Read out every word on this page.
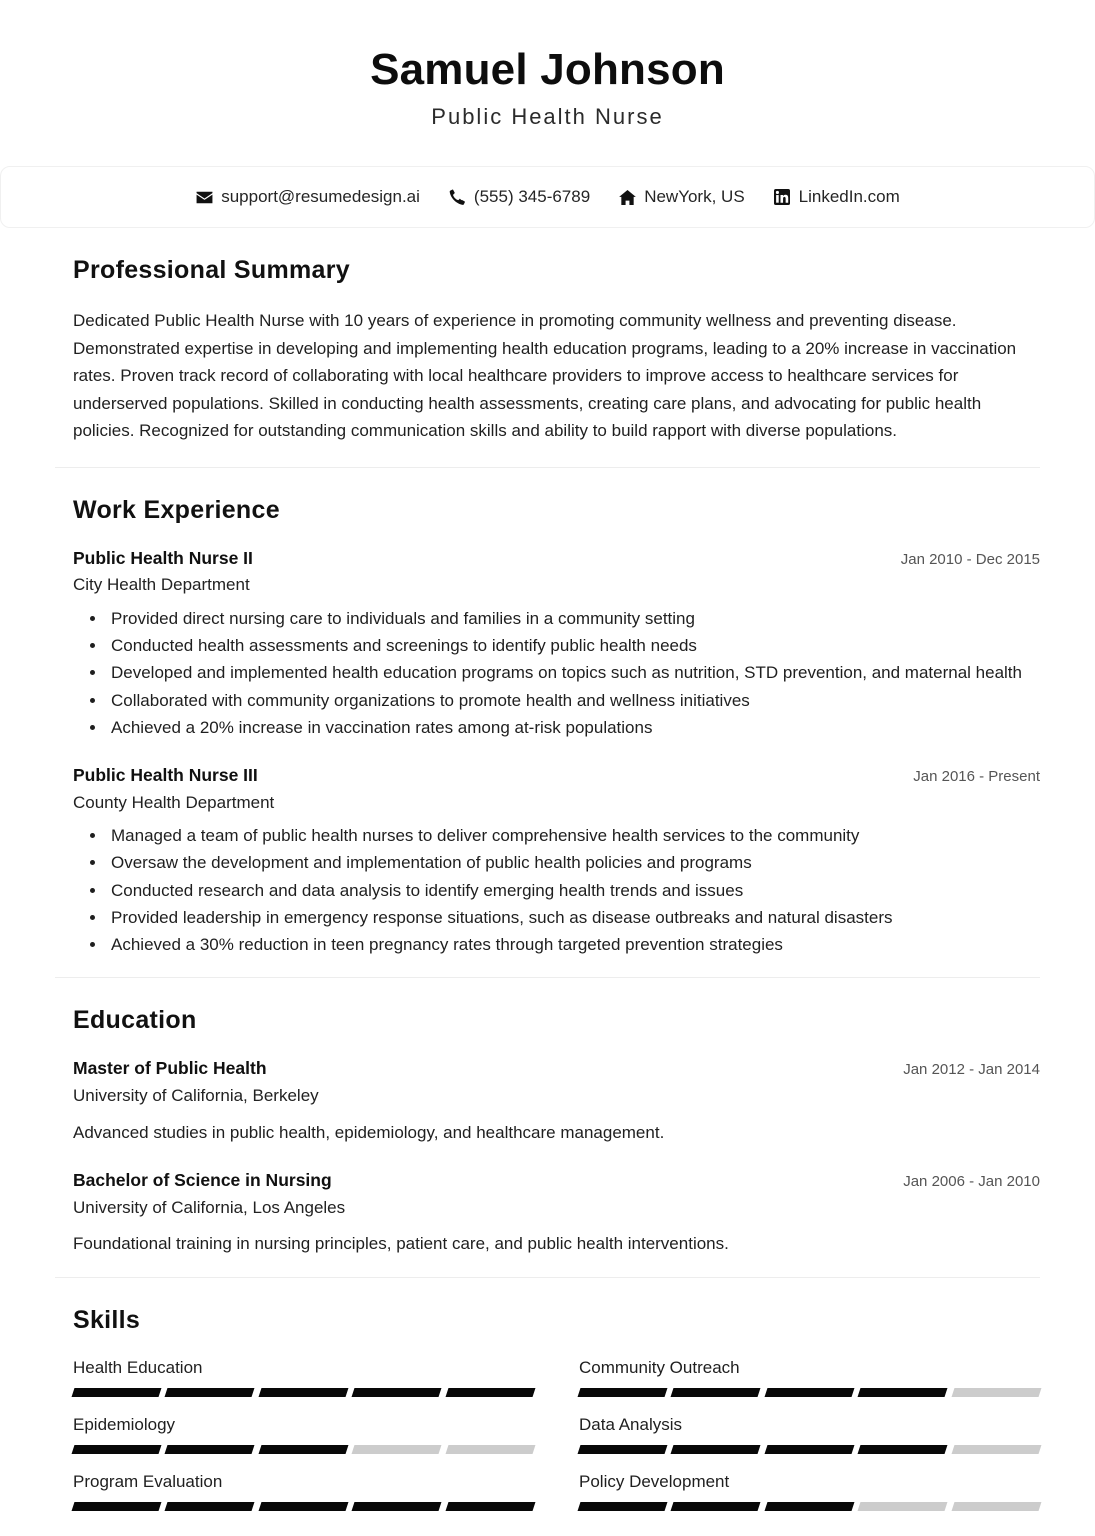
Samuel Johnson
Public Health Nurse
support@resumedesign.ai	(555) 345-6789	NewYork, US	LinkedIn.com
Professional Summary

Dedicated Public Health Nurse with 10 years of experience in promoting community wellness and preventing disease. Demonstrated expertise in developing and implementing health education programs, leading to a 20% increase in vaccination rates. Proven track record of collaborating with local healthcare providers to improve access to healthcare services for underserved populations. Skilled in conducting health assessments, creating care plans, and advocating for public health policies. Recognized for outstanding communication skills and ability to build rapport with diverse populations.

Work Experience
Public Health Nurse II	Jan 2010 - Dec 2015
City Health Department
• Provided direct nursing care to individuals and families in a community setting
• Conducted health assessments and screenings to identify public health needs
• Developed and implemented health education programs on topics such as nutrition, STD prevention, and maternal health
• Collaborated with community organizations to promote health and wellness initiatives
• Achieved a 20% increase in vaccination rates among at-risk populations
Public Health Nurse III	Jan 2016 - Present
County Health Department
• Managed a team of public health nurses to deliver comprehensive health services to the community
• Oversaw the development and implementation of public health policies and programs
• Conducted research and data analysis to identify emerging health trends and issues
• Provided leadership in emergency response situations, such as disease outbreaks and natural disasters
• Achieved a 30% reduction in teen pregnancy rates through targeted prevention strategies
Education
Master of Public Health	Jan 2012 - Jan 2014
University of California, Berkeley
Advanced studies in public health, epidemiology, and healthcare management.
Bachelor of Science in Nursing	Jan 2006 - Jan 2010
University of California, Los Angeles
Foundational training in nursing principles, patient care, and public health interventions.
Skills
Health Education	Community Outreach
Epidemiology	Data Analysis
Program Evaluation	Policy Development
